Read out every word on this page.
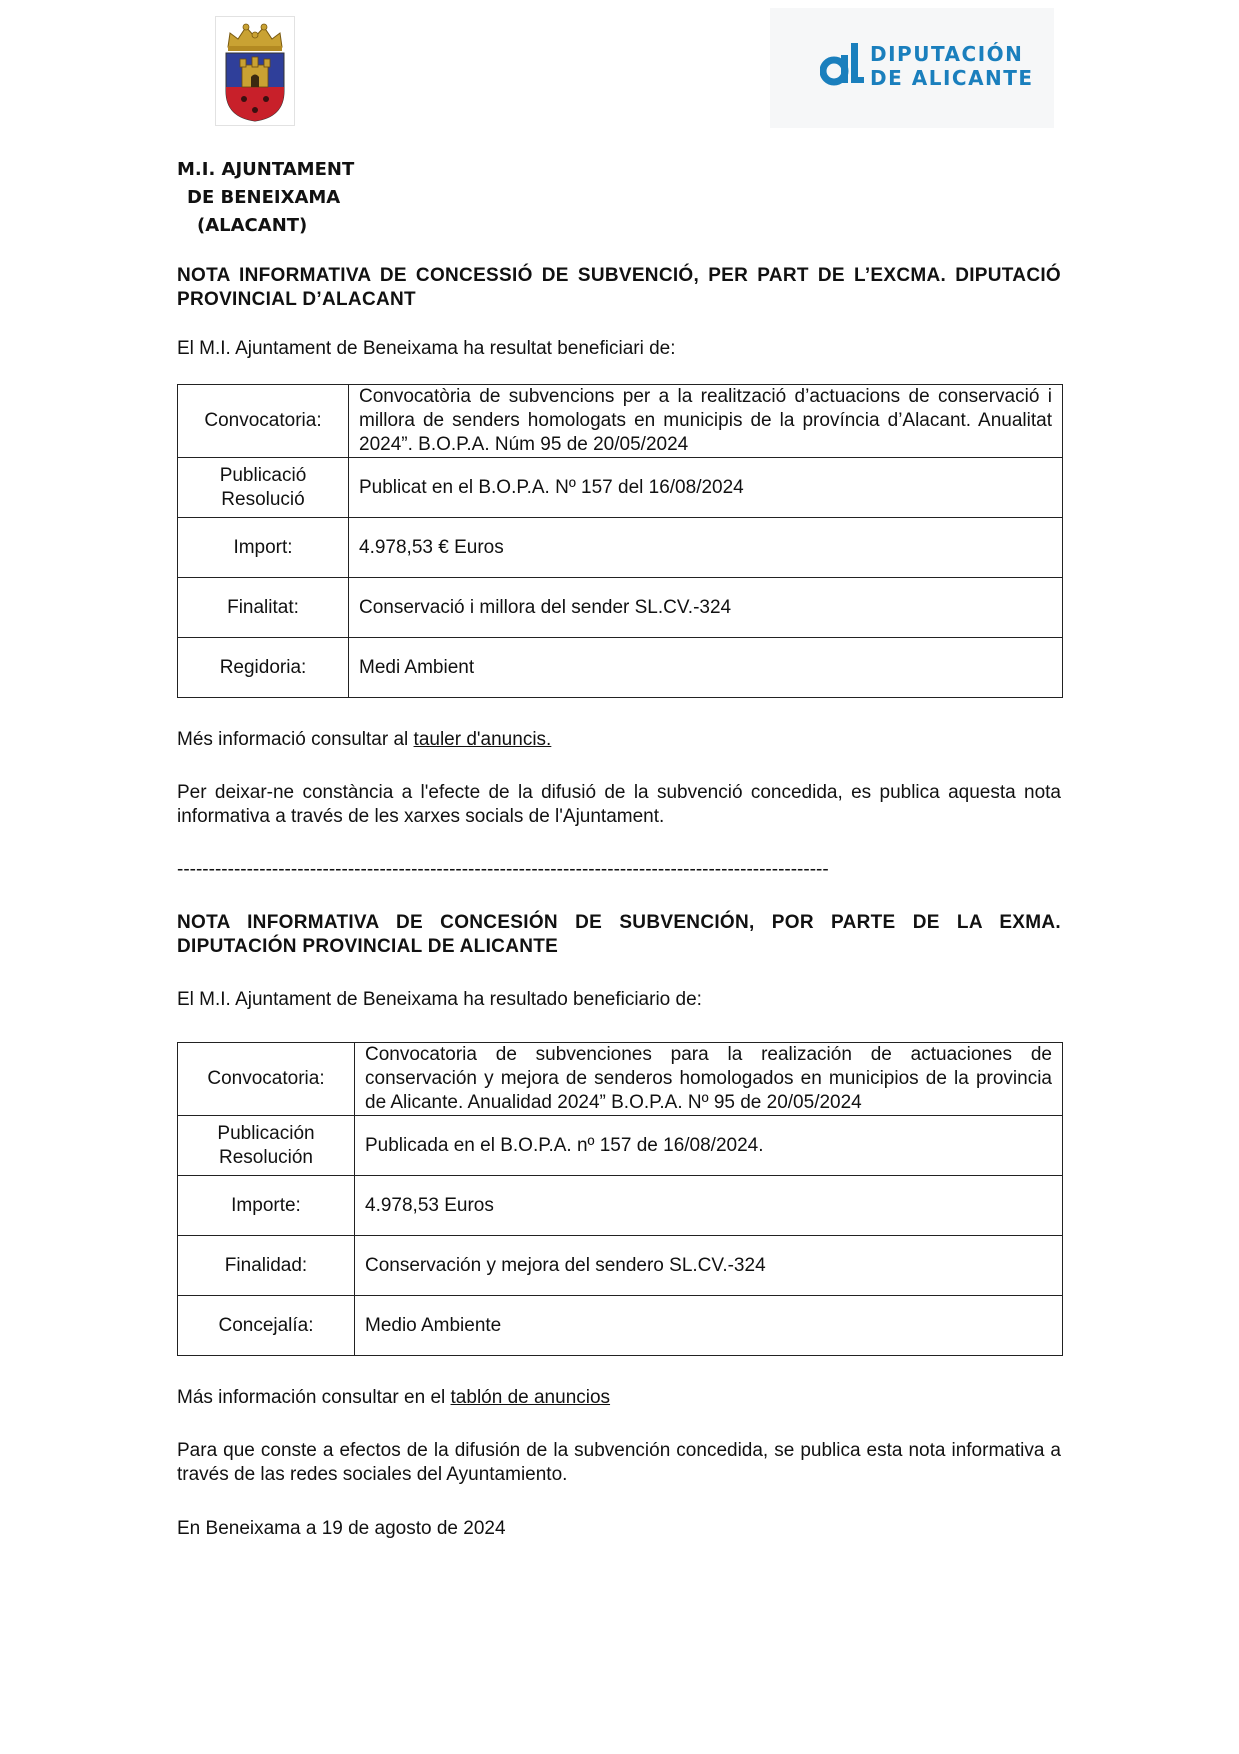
DIPUTACIÓN
DE ALICANTE
M.I. AJUNTAMENT
DE BENEIXAMA
(ALACANT)
NOTA INFORMATIVA DE CONCESSIÓ DE SUBVENCIÓ, PER PART DE L’EXCMA. DIPUTACIÓ PROVINCIAL D’ALACANT
El M.I. Ajuntament de Beneixama ha resultat beneficiari de:
Convocatoria:	Convocatòria de subvencions per a la realització d’actuacions de conservació i millora de senders homologats en municipis de la província d’Alacant. Anualitat 2024”. B.O.P.A. Núm 95 de 20/05/2024
Publicació Resolució	Publicat en el B.O.P.A. Nº 157 del 16/08/2024
Import:	4.978,53 € Euros
Finalitat:	Conservació i millora del sender SL.CV.-324
Regidoria:	Medi Ambient
Més informació consultar al tauler d'anuncis.
Per deixar-ne constància a l'efecte de la difusió de la subvenció concedida, es publica aquesta nota informativa a través de les xarxes socials de l'Ajuntament.
-------------------------------------------------------------------------------------------------------
NOTA INFORMATIVA DE CONCESIÓN DE SUBVENCIÓN, POR PARTE DE LA EXMA. DIPUTACIÓN PROVINCIAL DE ALICANTE
El M.I. Ajuntament de Beneixama ha resultado beneficiario de:
Convocatoria:	Convocatoria de subvenciones para la realización de actuaciones de conservación y mejora de senderos homologados en municipios de la provincia de Alicante. Anualidad 2024” B.O.P.A. Nº 95 de 20/05/2024
Publicación Resolución	Publicada en el B.O.P.A. nº 157 de 16/08/2024.
Importe:	4.978,53 Euros
Finalidad:	Conservación y mejora del sendero SL.CV.-324
Concejalía:	Medio Ambiente
Más información consultar en el tablón de anuncios
Para que conste a efectos de la difusión de la subvención concedida, se publica esta nota informativa a través de las redes sociales del Ayuntamiento.
En Beneixama a 19 de agosto de 2024
